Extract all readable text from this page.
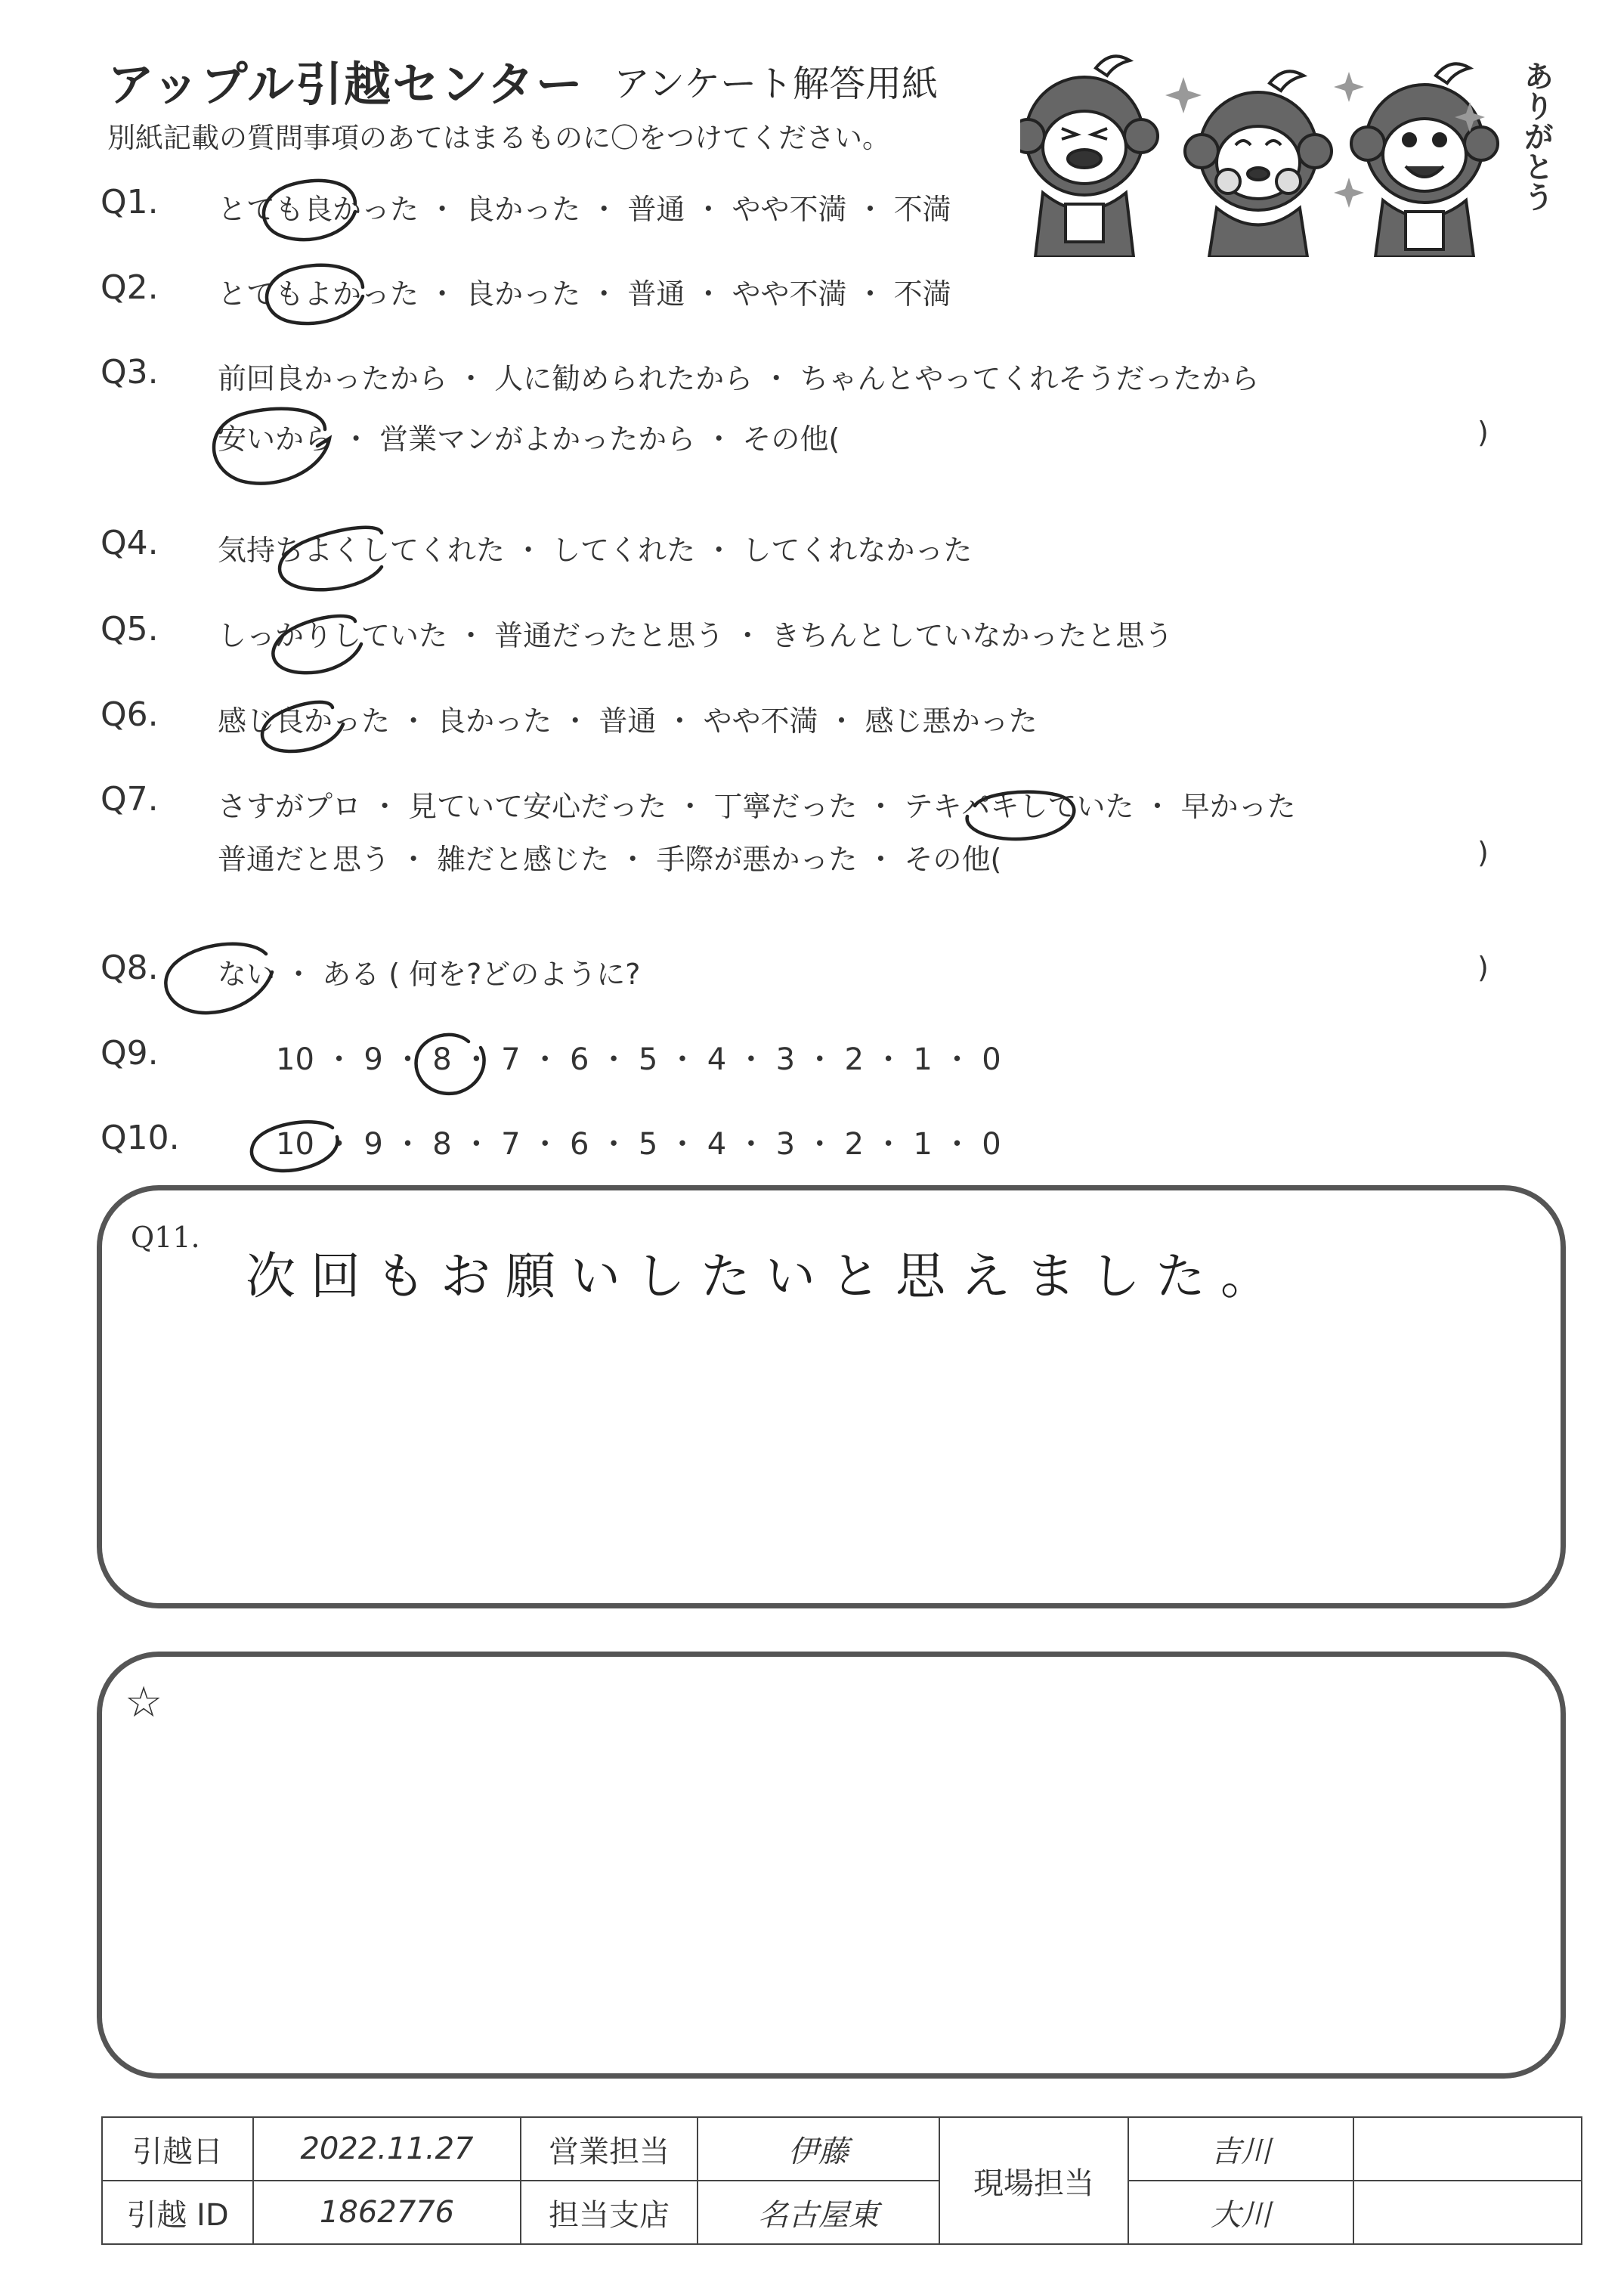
アップル引越センター アンケート解答用紙
別紙記載の質問事項のあてはまるものに〇をつけてください。	ありがとう
Q1. とても良かった ・ 良かった ・ 普通 ・ やや不満 ・ 不満
Q2. とてもよかった ・ 良かった ・ 普通 ・ やや不満 ・ 不満
Q3. 前回良かったから ・ 人に勧められたから ・ ちゃんとやってくれそうだったから
安いから ・ 営業マンがよかったから ・ その他(	)
Q4. 気持ちよくしてくれた ・ してくれた ・ してくれなかった
Q5. しっかりしていた ・ 普通だったと思う ・ きちんとしていなかったと思う
Q6. 感じ良かった ・ 良かった ・ 普通 ・ やや不満 ・ 感じ悪かった
Q7. さすがプロ ・ 見ていて安心だった ・ 丁寧だった ・ テキパキしていた ・ 早かった
普通だと思う ・ 雑だと感じた ・ 手際が悪かった ・ その他(	)
Q8. ない ・ ある ( 何を?どのように?	)
Q9.	10 ・ 9 ・ 8 ・ 7 ・ 6 ・ 5 ・ 4 ・ 3 ・ 2 ・ 1 ・ 0
Q10.	10 ・ 9 ・ 8 ・ 7 ・ 6 ・ 5 ・ 4 ・ 3 ・ 2 ・ 1 ・ 0
Q11.
次回もお願いしたいと思えました。
☆
引越日	2022.11.27	営業担当	伊藤	現場担当	吉川	
引越 ID	1862776	担当支店	名古屋東		大川	
